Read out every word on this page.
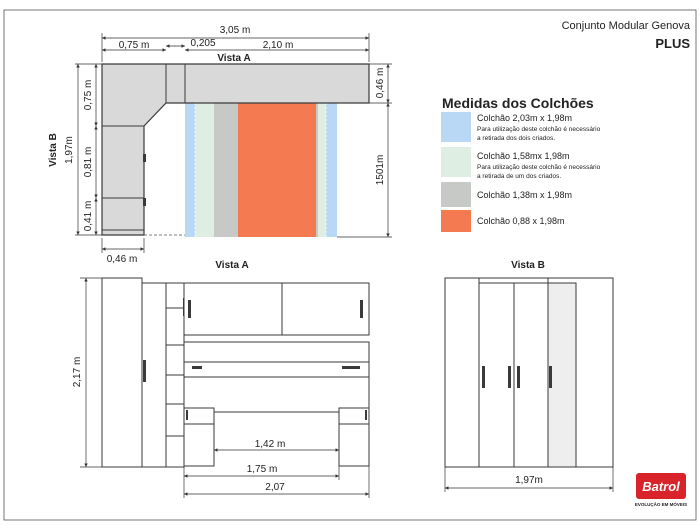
Conjunto Modular Genova
PLUS
3,05 m
0,75 m	0,205	2,10 m
Vista A
1,97m
0,75 m
0,81 m
0,41 m
Vista B
0,46 m
1501m
0,46 m
Medidas dos Colchões
Colchão 2,03m x 1,98m
Para utilização deste colchão é necessário
a retirada dos dois criados.
Colchão 1,58mx 1,98m
Para utilização deste colchão é necessário
a retirada de um dos criados.
Colchão 1,38m x 1,98m
Colchão 0,88 x 1,98m
Vista A
2,17 m
1,42 m
1,75 m
2,07
Vista B
1,97m	Batrol
EVOLUÇÃO EM MÓVEIS
